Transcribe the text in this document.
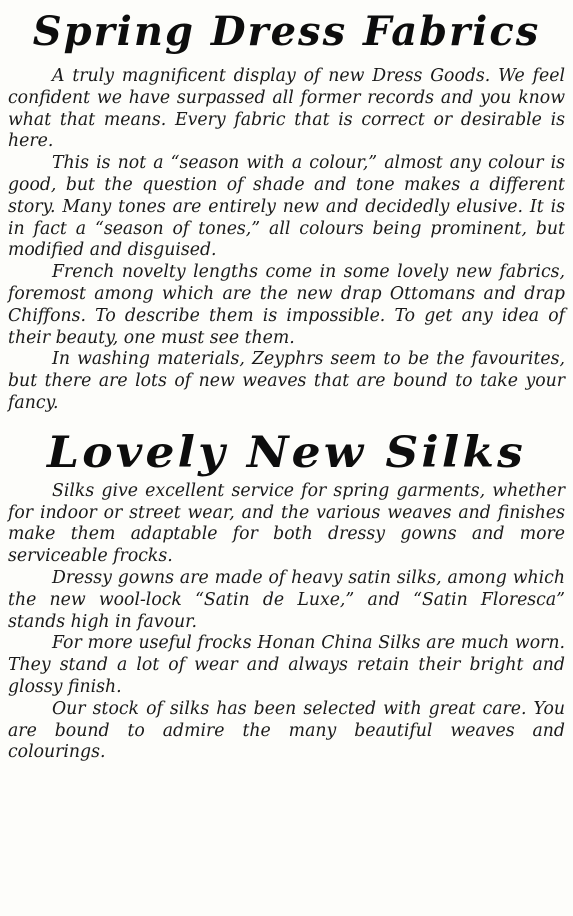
Spring Dress Fabrics

A truly magnificent display of new Dress Goods. We feel confident we have surpassed all former records and you know what that means. Every fabric that is correct or desirable is here.

This is not a “season with a colour,” almost any colour is good, but the question of shade and tone makes a different story. Many tones are entirely new and decidedly elusive. It is in fact a “season of tones,” all colours being prominent, but modified and disguised.

French novelty lengths come in some lovely new fabrics, foremost among which are the new drap Ottomans and drap Chiffons. To describe them is impossible. To get any idea of their beauty, one must see them.

In washing materials, Zeyphrs seem to be the favourites, but there are lots of new weaves that are bound to take your fancy.

Lovely New Silks

Silks give excellent service for spring garments, whether for indoor or street wear, and the various weaves and finishes make them adaptable for both dressy gowns and more serviceable frocks.

Dressy gowns are made of heavy satin silks, among which the new wool-lock “Satin de Luxe,” and “Satin Floresca” stands high in favour.

For more useful frocks Honan China Silks are much worn. They stand a lot of wear and always retain their bright and glossy finish.

Our stock of silks has been selected with great care. You are bound to admire the many beautiful weaves and colourings.
